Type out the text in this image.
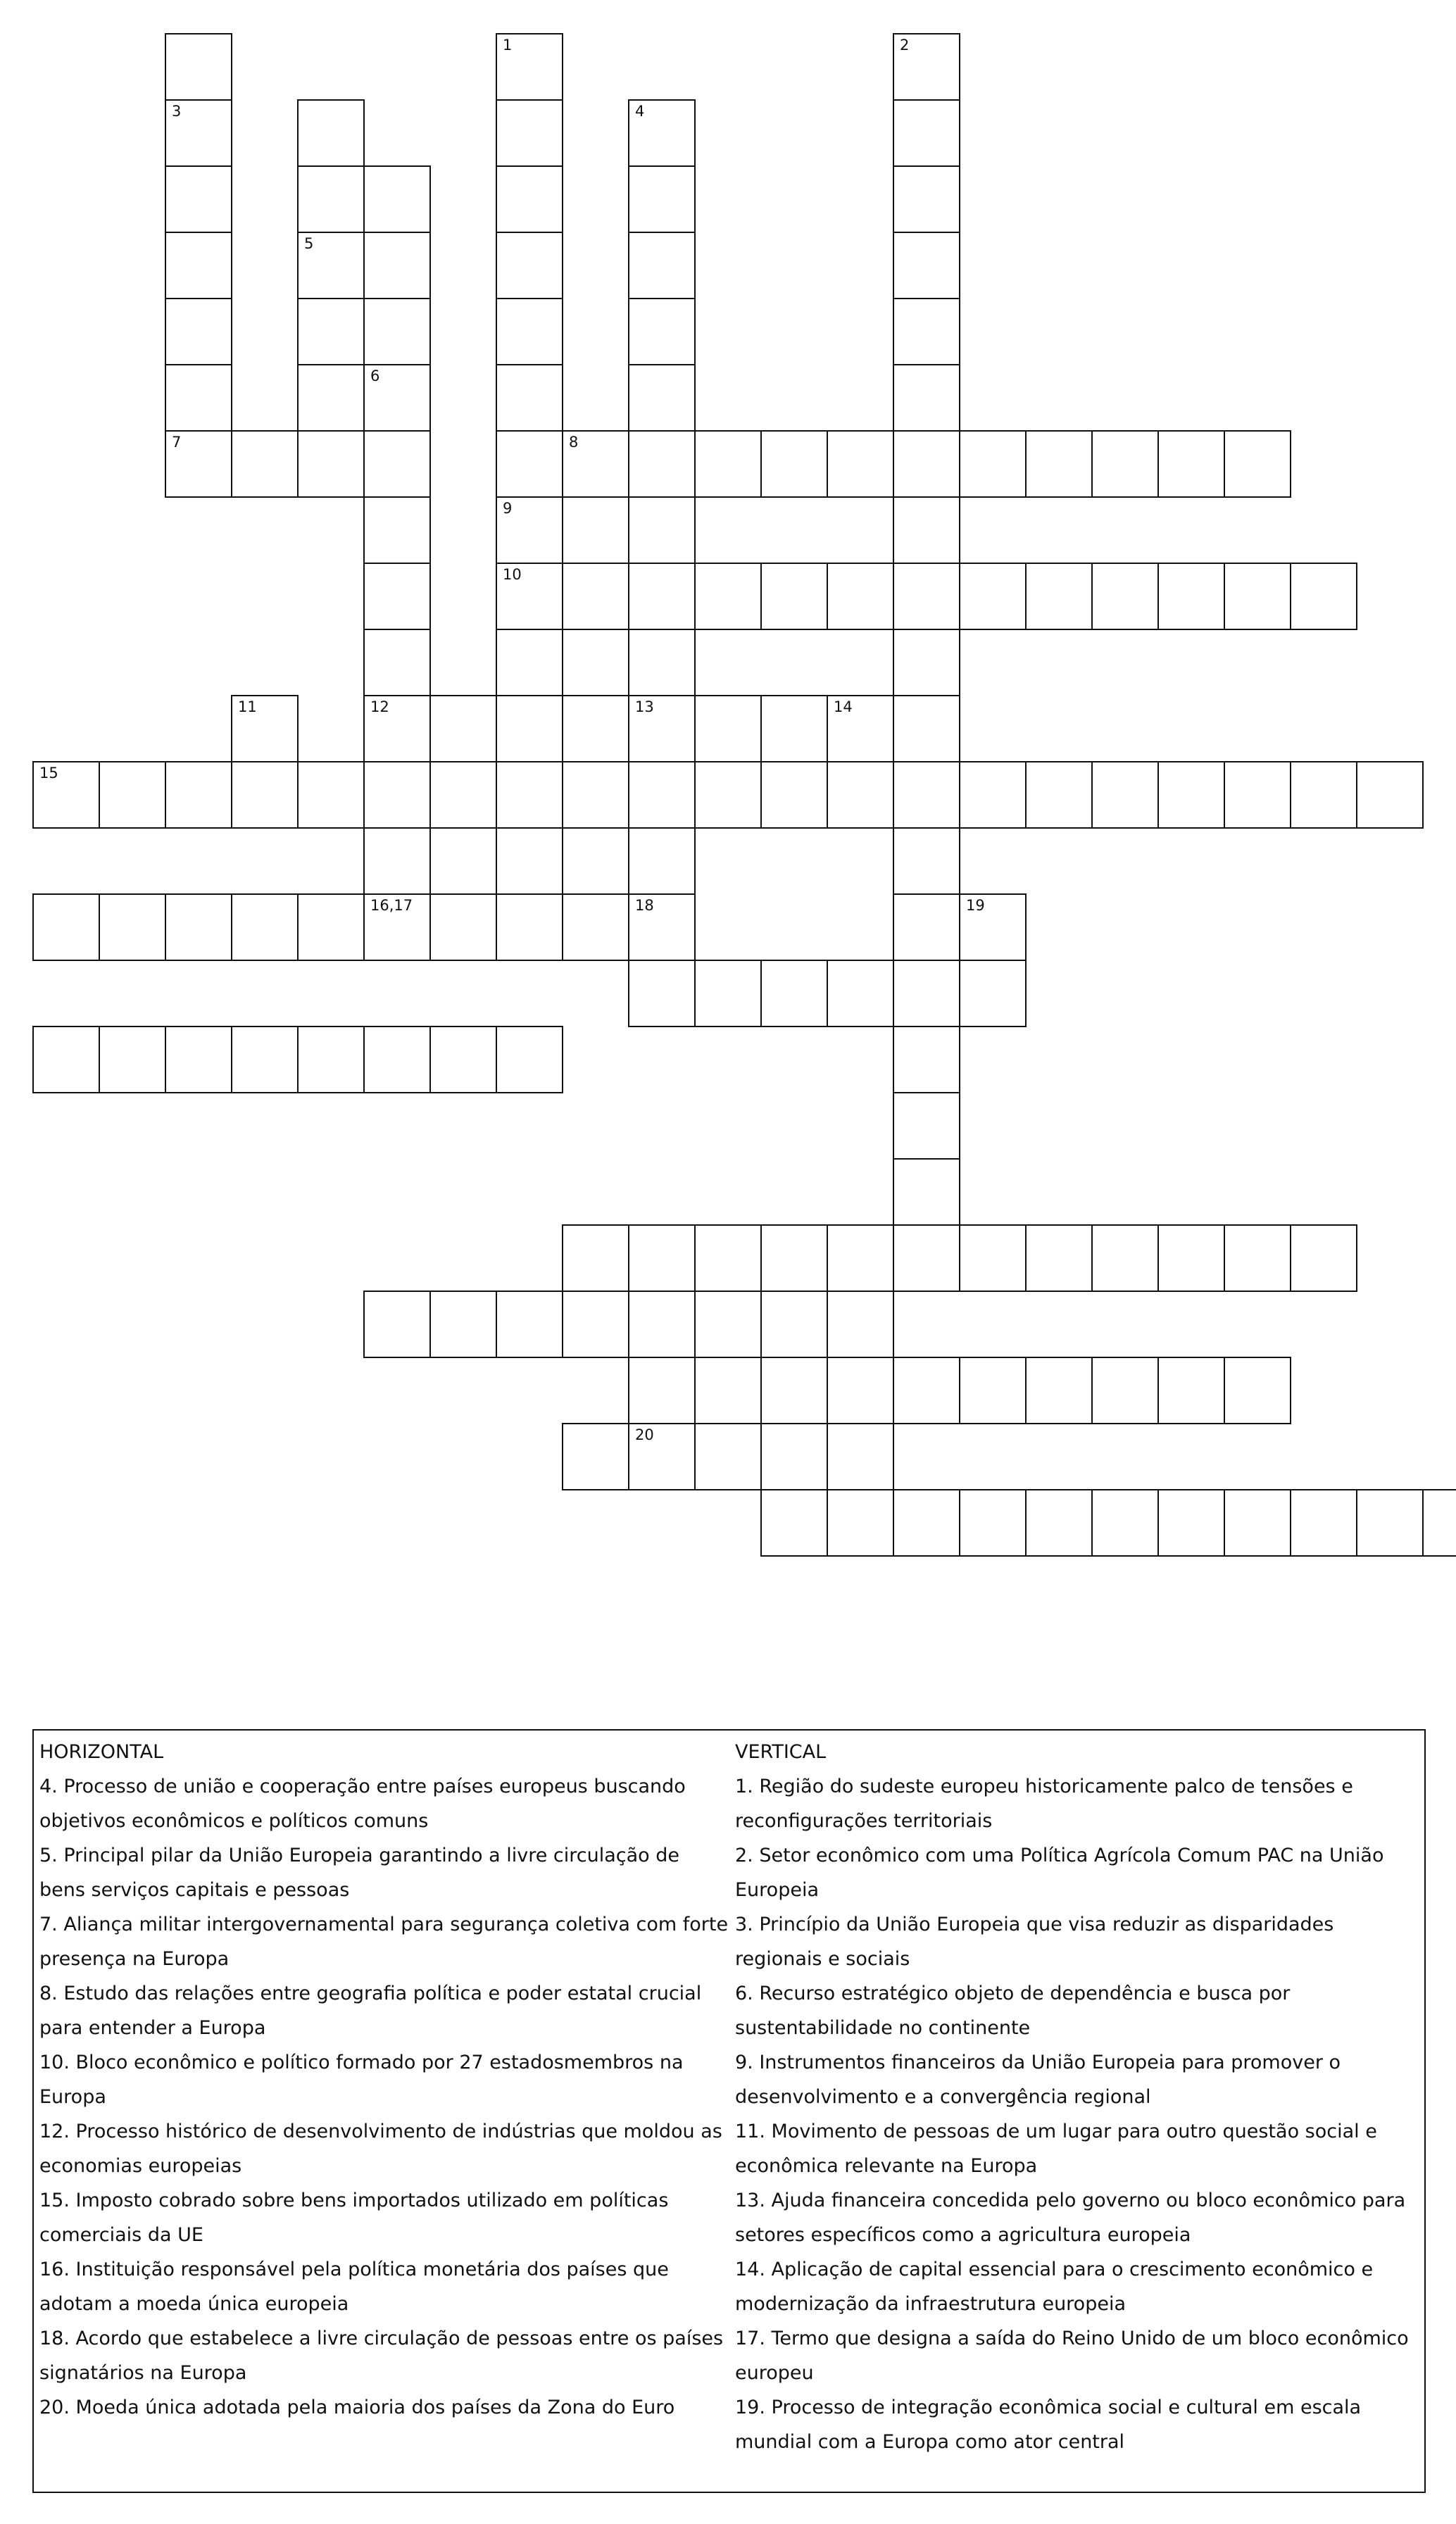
3
5
9
10
6
12
16,17
13
18
2
7	8
14
15
20
1
4
11
19
HORIZONTAL
4. Processo de união e cooperação entre países europeus buscando objetivos econômicos e políticos comuns
5. Principal pilar da União Europeia garantindo a livre circulação de bens serviços capitais e pessoas
7. Aliança militar intergovernamental para segurança coletiva com forte presença na Europa
8. Estudo das relações entre geografia política e poder estatal crucial para entender a Europa
10. Bloco econômico e político formado por 27 estadosmembros na Europa
12. Processo histórico de desenvolvimento de indústrias que moldou as economias europeias
15. Imposto cobrado sobre bens importados utilizado em políticas comerciais da UE
16. Instituição responsável pela política monetária dos países que adotam a moeda única europeia
18. Acordo que estabelece a livre circulação de pessoas entre os países signatários na Europa
20. Moeda única adotada pela maioria dos países da Zona do Euro
VERTICAL
1. Região do sudeste europeu historicamente palco de tensões e reconfigurações territoriais
2. Setor econômico com uma Política Agrícola Comum PAC na União Europeia
3. Princípio da União Europeia que visa reduzir as disparidades regionais e sociais
6. Recurso estratégico objeto de dependência e busca por sustentabilidade no continente
9. Instrumentos financeiros da União Europeia para promover o desenvolvimento e a convergência regional
11. Movimento de pessoas de um lugar para outro questão social e econômica relevante na Europa
13. Ajuda financeira concedida pelo governo ou bloco econômico para setores específicos como a agricultura europeia
14. Aplicação de capital essencial para o crescimento econômico e modernização da infraestrutura europeia
17. Termo que designa a saída do Reino Unido de um bloco econômico europeu
19. Processo de integração econômica social e cultural em escala mundial com a Europa como ator central
